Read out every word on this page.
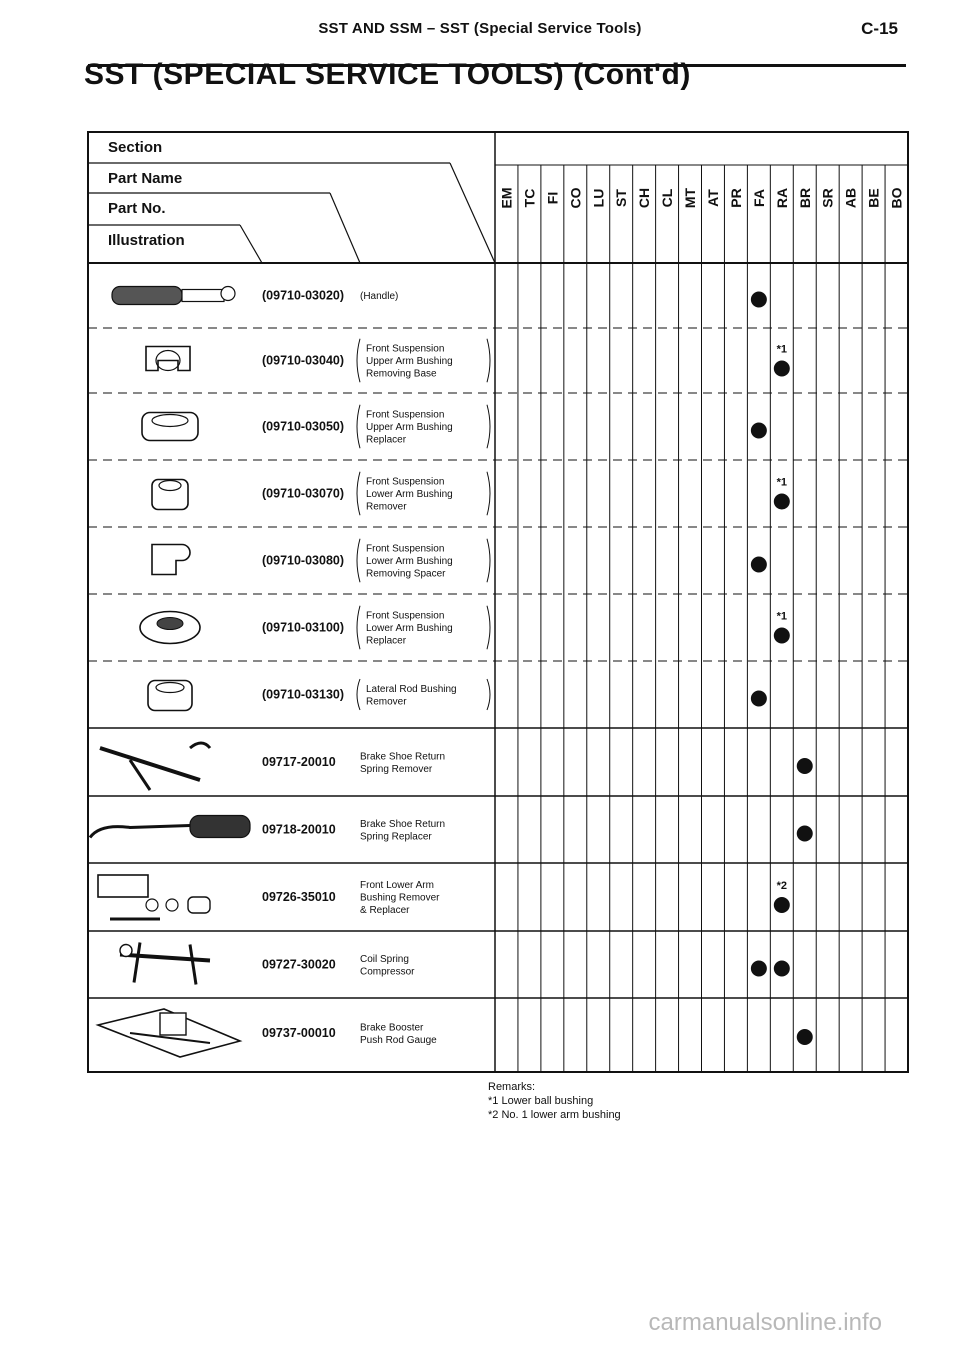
SST AND SSM – SST (Special Service Tools)	C-15
SST (SPECIAL SERVICE TOOLS) (Cont'd)
Section
Part Name
Part No.
Illustration
EM TC FI CO LU ST CH CL MT AT PR FA RA BR SR AB BE BO
(09710-03020) (Handle)
(09710-03040)
Front Suspension
Upper Arm Bushing
Removing Base
*1
(09710-03050)
Front Suspension
Upper Arm Bushing
Replacer
(09710-03070)
Front Suspension
Lower Arm Bushing
Remover
*1
(09710-03080)
Front Suspension
Lower Arm Bushing
Removing Spacer
(09710-03100)
Front Suspension
Lower Arm Bushing
Replacer
*1
(09710-03130) Lateral Rod Bushing
Remover
09717-20010 Brake Shoe Return
Spring Remover
09718-20010 Brake Shoe Return
Spring Replacer
09726-35010
Front Lower Arm
Bushing Remover
& Replacer
*2
09727-30020 Coil Spring
Compressor
09737-00010 Brake Booster
Push Rod Gauge
Remarks:
*1 Lower ball bushing
*2 No. 1 lower arm bushing
carmanualsonline.info
